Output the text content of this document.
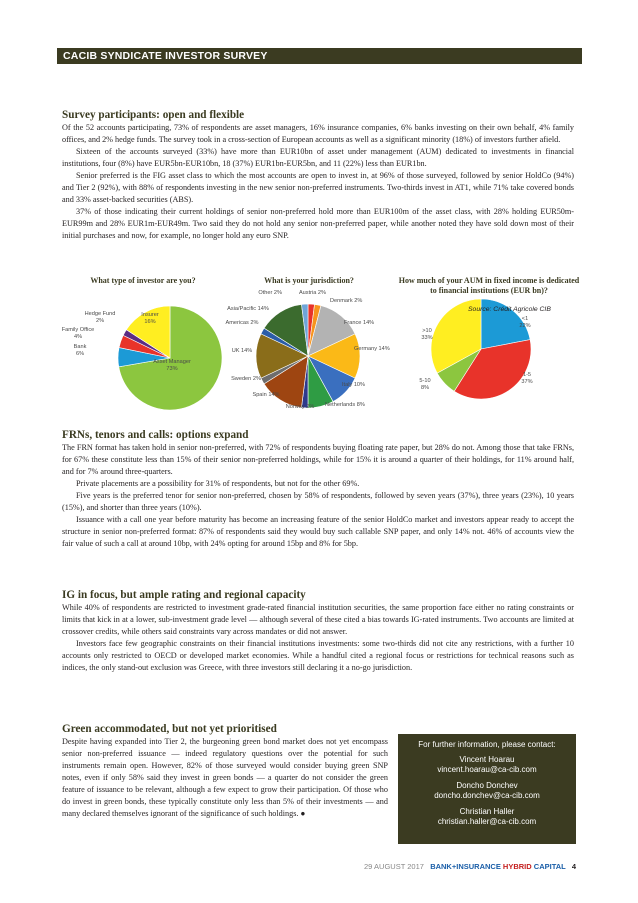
CACIB SYNDICATE INVESTOR SURVEY
Survey participants: open and flexible

Of the 52 accounts participating, 73% of respondents are asset managers, 16% insurance companies, 6% banks investing on their own behalf, 4% family offices, and 2% hedge funds. The survey took in a cross-section of European accounts as well as a significant minority (18%) of investors further afield.

Sixteen of the accounts surveyed (33%) have more than EUR10bn of asset under management (AUM) dedicated to investments in financial institutions, four (8%) have EUR5bn-EUR10bn, 18 (37%) EUR1bn-EUR5bn, and 11 (22%) less than EUR1bn.

Senior preferred is the FIG asset class to which the most accounts are open to invest in, at 96% of those surveyed, followed by senior HoldCo (94%) and Tier 2 (92%), with 88% of respondents investing in the new senior non-preferred instruments. Two-thirds invest in AT1, while 71% take covered bonds and 33% asset-backed securities (ABS).

37% of those indicating their current holdings of senior non-preferred hold more than EUR100m of the asset class, with 28% holding EUR50m-EUR99m and 28% EUR1m-EUR49m. Two said they do not hold any senior non-preferred paper, while another noted they have sold down most of their initial purchases and now, for example, no longer hold any euro SNP.

What type of investor are you?	What is your jurisdiction?	How much of your AUM in fixed income is dedicated to financial institutions (EUR bn)?
Asset Manager 73%
Bank 6%
Family Office 4%
Hedge Fund 2%
Insurer 16%
Austria 2%
Denmark 2%
France 14%
Germany 14%
Italy 10%
Netherlands 8%
Norway 2%
Spain 14%
Sweden 2%
UK 14%
Americas 2%
Asia/Pacific 14%
Other 2%
<1 22%
1-5 37%
5-10 8%
>10 33%
Source: Crédit Agricole CIB
FRNs, tenors and calls: options expand

The FRN format has taken hold in senior non-preferred, with 72% of respondents buying floating rate paper, but 28% do not. Among those that take FRNs, for 67% these constitute less than 15% of their senior non-preferred holdings, while for 15% it is around a quarter of their holdings, for 11% around half, and for 7% around three-quarters.

Private placements are a possibility for 31% of respondents, but not for the other 69%.

Five years is the preferred tenor for senior non-preferred, chosen by 58% of respondents, followed by seven years (37%), three years (23%), 10 years (15%), and shorter than three years (10%).

Issuance with a call one year before maturity has become an increasing feature of the senior HoldCo market and investors appear ready to accept the structure in senior non-preferred format: 87% of respondents said they would buy such callable SNP paper, and only 14% not. 46% of accounts view the fair value of such a call at around 10bp, with 24% opting for around 15bp and 8% for 5bp.

IG in focus, but ample rating and regional capacity

While 40% of respondents are restricted to investment grade-rated financial institution securities, the same proportion face either no rating constraints or limits that kick in at a lower, sub-investment grade level — although several of these cited a bias towards IG-rated instruments. Two accounts are limited at crossover credits, while others said constraints vary across mandates or did not answer.

Investors face few geographic constraints on their financial institutions investments: some two-thirds did not cite any restrictions, with a further 10 accounts only restricted to OECD or developed market economies. While a handful cited a regional focus or restrictions for technical reasons such as indices, the only stand-out exclusion was Greece, with three investors still declaring it a no-go jurisdiction.

Green accommodated, but not yet prioritised

Despite having expanded into Tier 2, the burgeoning green bond market does not yet encompass senior non-preferred issuance — indeed regulatory questions over the potential for such instruments remain open. However, 82% of those surveyed would consider buying green SNP notes, even if only 58% said they invest in green bonds — a quarter do not consider the green feature of issuance to be relevant, although a few expect to grow their participation. Of those who do invest in green bonds, these typically constitute only less than 5% of their investments — and many declared themselves ignorant of the significance of such holdings. ●

For further information, please contact:
Vincent Hoarau
vincent.hoarau@ca-cib.com
Doncho Donchev
doncho.donchev@ca-cib.com
Christian Haller
christian.haller@ca-cib.com
29 AUGUST 2017 BANK+INSURANCE HYBRID CAPITAL 4
